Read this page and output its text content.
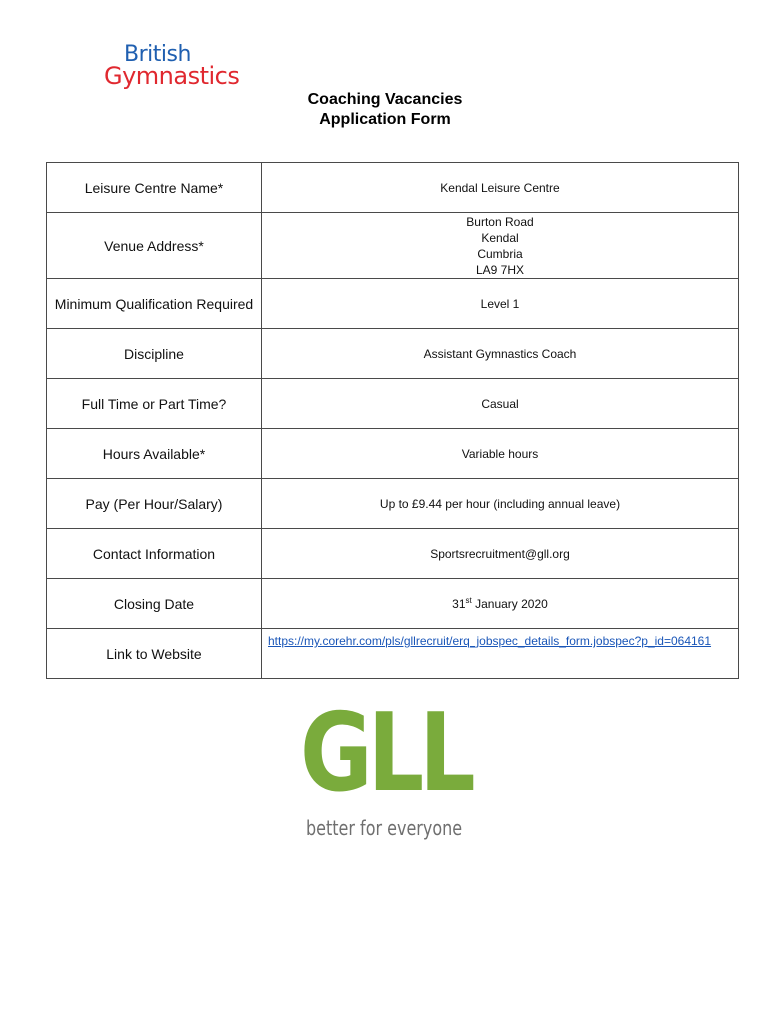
British
Gymnastics
Coaching Vacancies
Application Form
Leisure Centre Name*	Kendal Leisure Centre
Venue Address*	Burton Road
Kendal
Cumbria
LA9 7HX

Minimum Qualification Required	Level 1
Discipline	Assistant Gymnastics Coach
Full Time or Part Time?	Casual
Hours Available*	Variable hours
Pay (Per Hour/Salary)	Up to £9.44 per hour (including annual leave)
Contact Information	Sportsrecruitment@gll.org
Closing Date	31st January 2020
Link to Website	https://my.corehr.com/pls/gllrecruit/erq_jobspec_details_form.jobspec?p_id=064161
GLL
better for everyone
